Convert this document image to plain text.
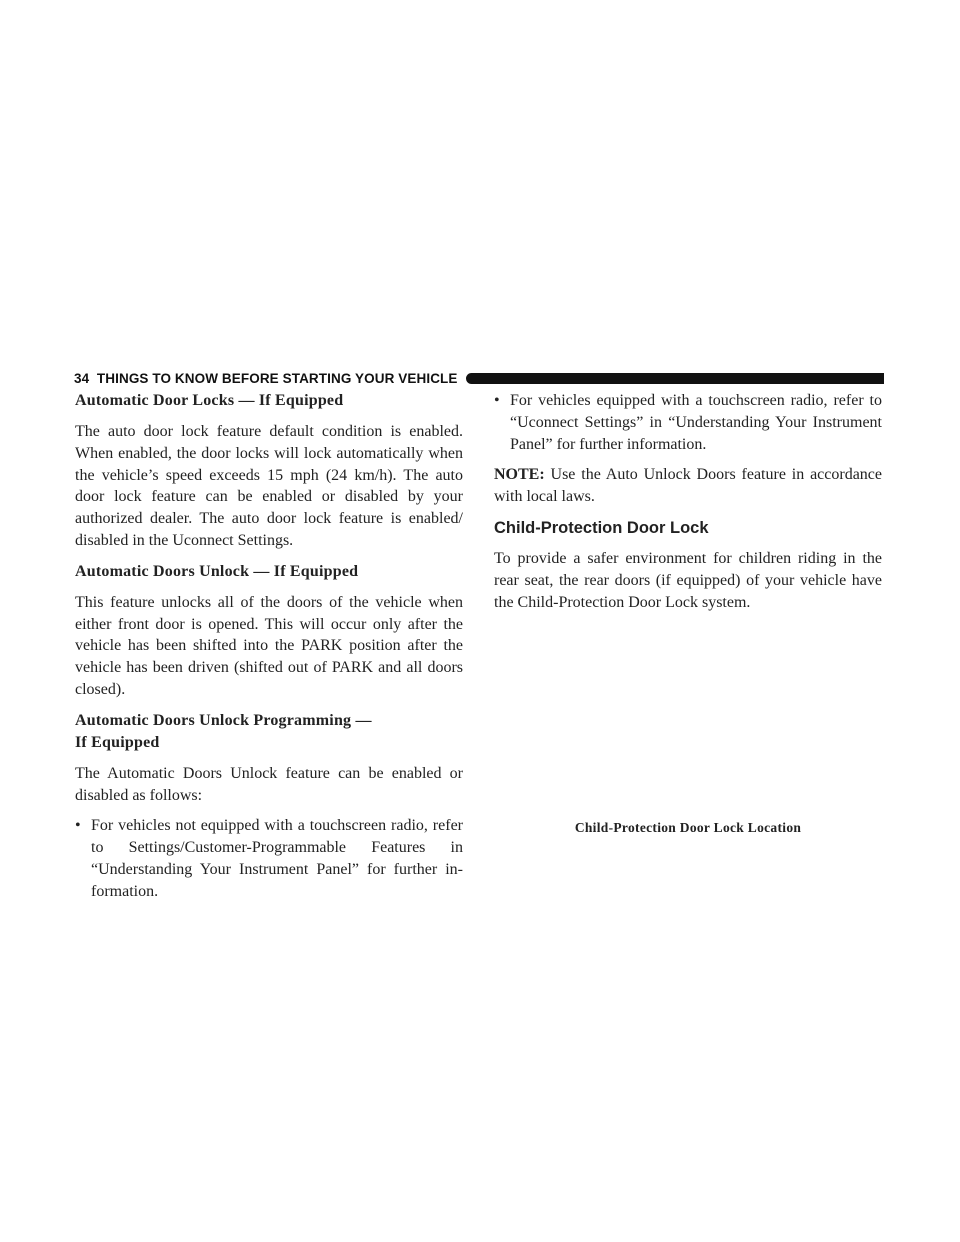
34 THINGS TO KNOW BEFORE STARTING YOUR VEHICLE
Automatic Door Locks — If Equipped

The auto door lock feature default condition is enabled. When enabled, the door locks will lock automatically when the vehicle’s speed exceeds 15 mph (24 km/h). The auto door lock feature can be enabled or disabled by your authorized dealer. The auto door lock feature is enabled/ disabled in the Uconnect Settings.

Automatic Doors Unlock — If Equipped

This feature unlocks all of the doors of the vehicle when either front door is opened. This will occur only after the vehicle has been shifted into the PARK position after the vehicle has been driven (shifted out of PARK and all doors closed).

Automatic Doors Unlock Programming —
If Equipped

The Automatic Doors Unlock feature can be enabled or disabled as follows:

• For vehicles not equipped with a touchscreen radio, refer to Settings/Customer-Programmable Features in “Understanding Your Instrument Panel” for further in- formation.
• For vehicles equipped with a touchscreen radio, refer to “Uconnect Settings” in “Understanding Your Instrument Panel” for further information.

NOTE: Use the Auto Unlock Doors feature in accordance with local laws.

Child-Protection Door Lock

To provide a safer environment for children riding in the rear seat, the rear doors (if equipped) of your vehicle have the Child-Protection Door Lock system.

Child-Protection Door Lock Location
